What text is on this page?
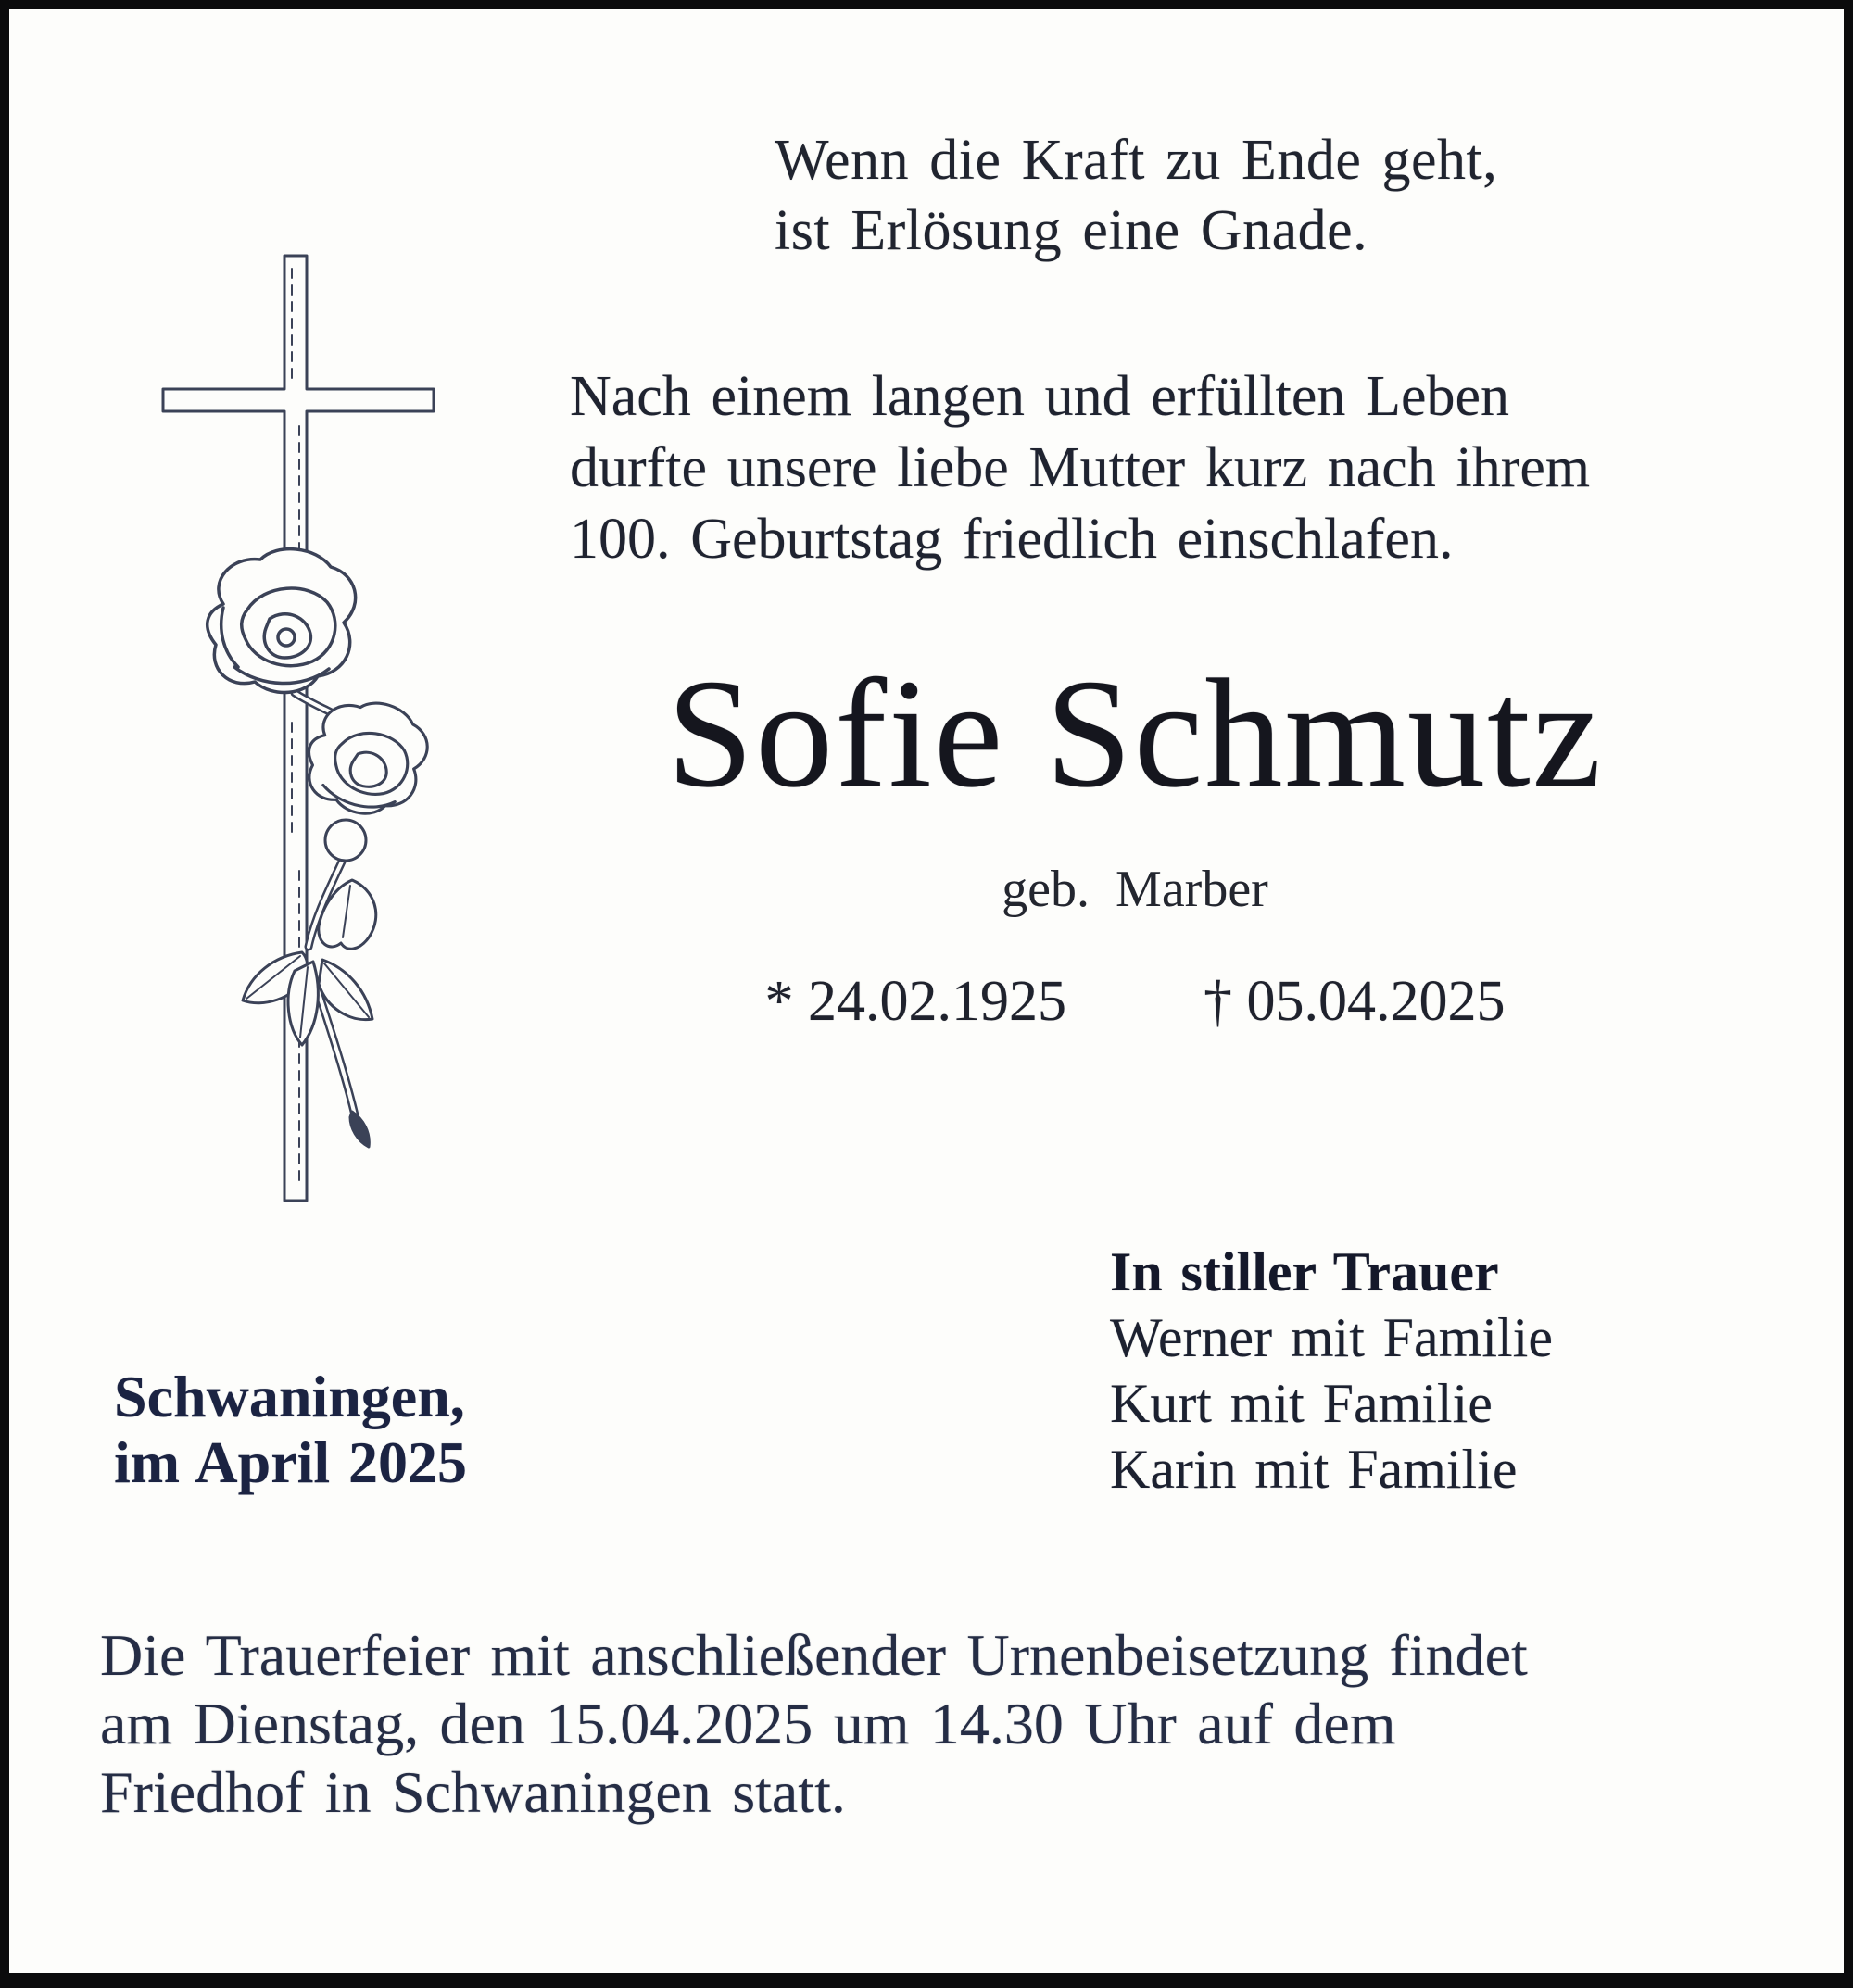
Wenn die Kraft zu Ende geht,
ist Erlösung eine Gnade.
Nach einem langen und erfüllten Leben
durfte unsere liebe Mutter kurz nach ihrem
100. Geburtstag friedlich einschlafen.
Sofie Schmutz
geb. Marber
* 24.02.1925 † 05.04.2025
In stiller Trauer
Werner mit Familie
Kurt mit Familie
Karin mit Familie
Schwaningen,
im April 2025
Die Trauerfeier mit anschließender Urnenbeisetzung findet
am Dienstag, den 15.04.2025 um 14.30 Uhr auf dem
Friedhof in Schwaningen statt.
